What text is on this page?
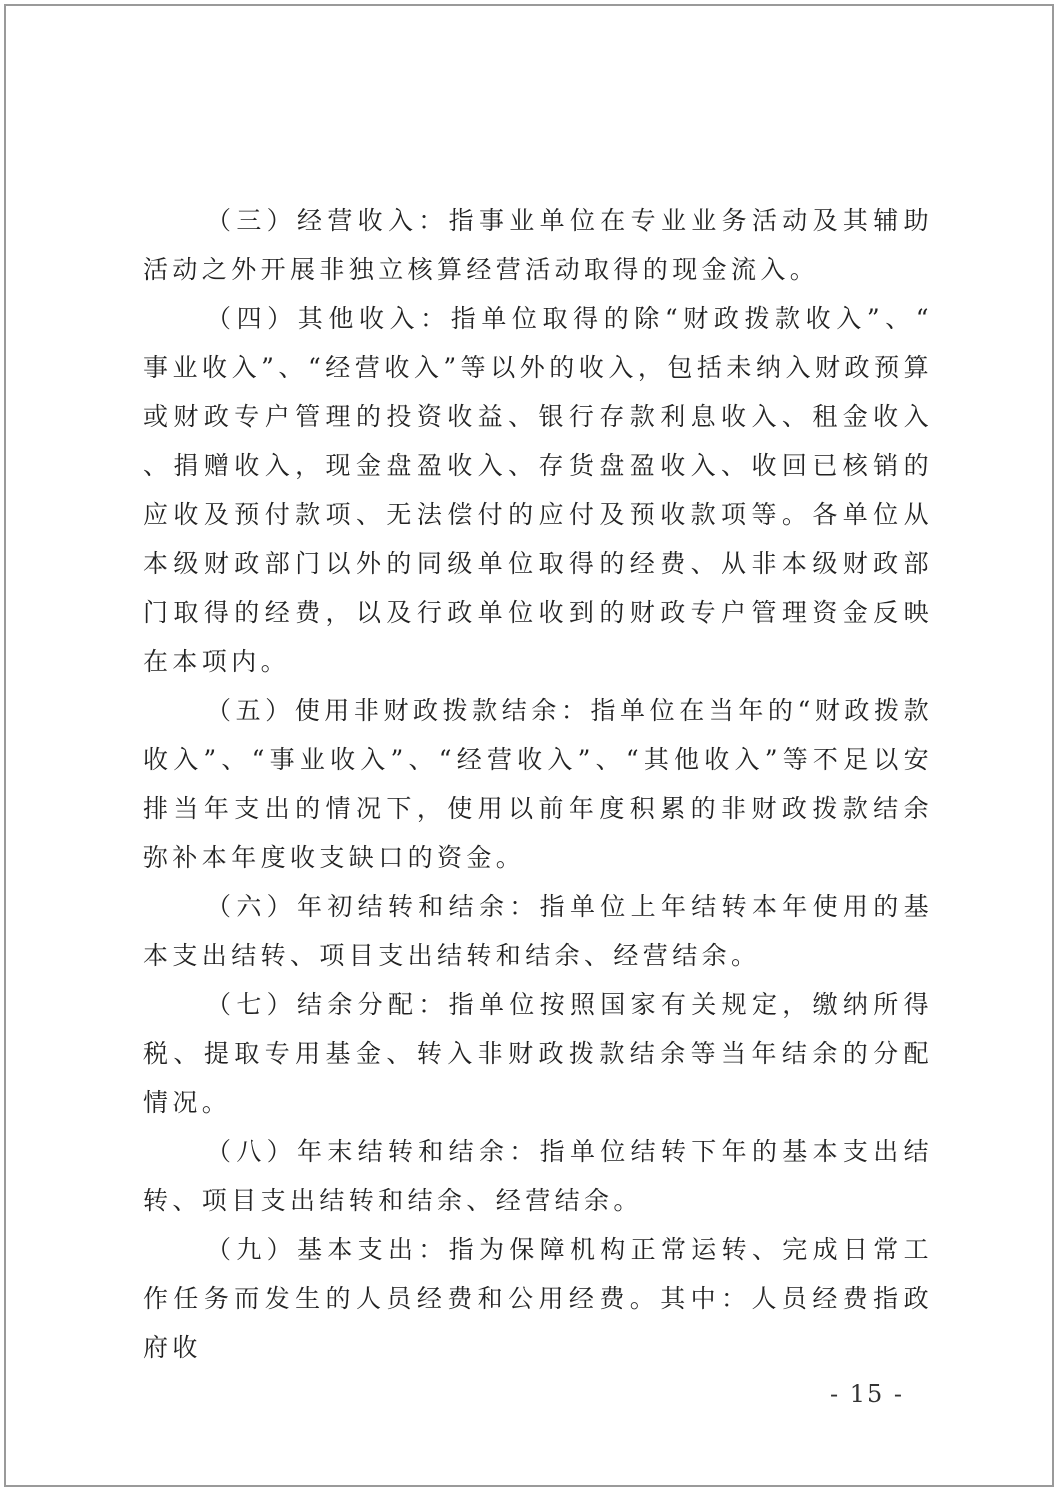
（三）经营收入：指事业单位在专业业务活动及其辅助活动之外开展非独立核算经营活动取得的现金流入。

（四）其他收入：指单位取得的除“财政拨款收入”、“事业收入”、“经营收入”等以外的收入，包括未纳入财政预算或财政专户管理的投资收益、银行存款利息收入、租金收入、捐赠收入，现金盘盈收入、存货盘盈收入、收回已核销的应收及预付款项、无法偿付的应付及预收款项等。各单位从本级财政部门以外的同级单位取得的经费、从非本级财政部门取得的经费，以及行政单位收到的财政专户管理资金反映在本项内。

（五）使用非财政拨款结余：指单位在当年的“财政拨款收入”、“事业收入”、“经营收入”、“其他收入”等不足以安排当年支出的情况下，使用以前年度积累的非财政拨款结余弥补本年度收支缺口的资金。

（六）年初结转和结余：指单位上年结转本年使用的基本支出结转、项目支出结转和结余、经营结余。

（七）结余分配：指单位按照国家有关规定，缴纳所得税、提取专用基金、转入非财政拨款结余等当年结余的分配情况。

（八）年末结转和结余：指单位结转下年的基本支出结转、项目支出结转和结余、经营结余。

（九）基本支出：指为保障机构正常运转、完成日常工作任务而发生的人员经费和公用经费。其中：人员经费指政府收

- 15 -
